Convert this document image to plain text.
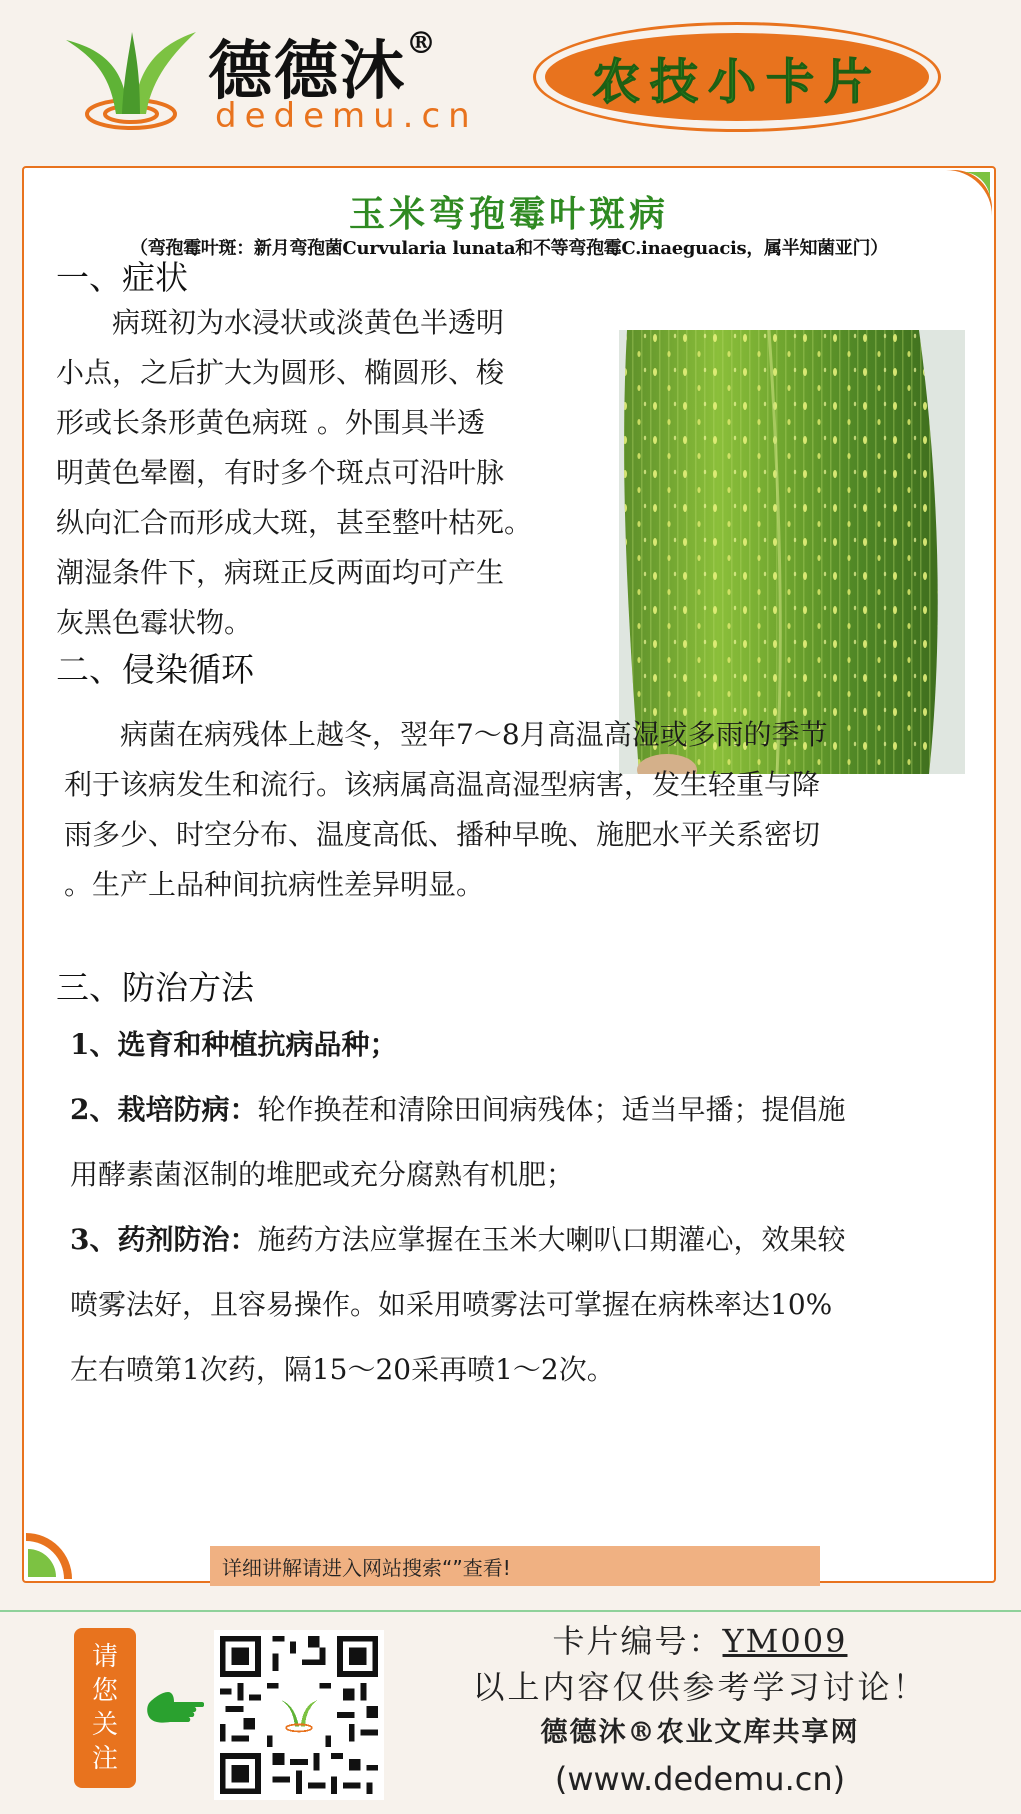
德德沐®
dedemu.cn
农技小卡片
玉米弯孢霉叶斑病
（弯孢霉叶斑：新月弯孢菌Curvularia lunata和不等弯孢霉C.inaeguacis，属半知菌亚门）
一、症状
　　病斑初为水浸状或淡黄色半透明
小点，之后扩大为圆形、椭圆形、梭
形或长条形黄色病斑 。外围具半透
明黄色晕圈，有时多个斑点可沿叶脉
纵向汇合而形成大斑，甚至整叶枯死。
潮湿条件下，病斑正反两面均可产生
灰黑色霉状物。
二、侵染循环
　　病菌在病残体上越冬，翌年7～8月高温高湿或多雨的季节
利于该病发生和流行。该病属高温高湿型病害，发生轻重与降
雨多少、时空分布、温度高低、播种早晚、施肥水平关系密切
。生产上品种间抗病性差异明显。
三、防治方法
1、选育和种植抗病品种；
2、栽培防病：轮作换茬和清除田间病残体；适当早播；提倡施
用酵素菌沤制的堆肥或充分腐熟有机肥；
3、药剂防治：施药方法应掌握在玉米大喇叭口期灌心，效果较
喷雾法好，且容易操作。如采用喷雾法可掌握在病株率达10%
左右喷第1次药，隔15～20采再喷1～2次。
详细讲解请进入网站搜索“”查看!
请
您
关
注
卡片编号：YM009
以上内容仅供参考学习讨论！
德德沐®农业文库共享网
(www.dedemu.cn)
